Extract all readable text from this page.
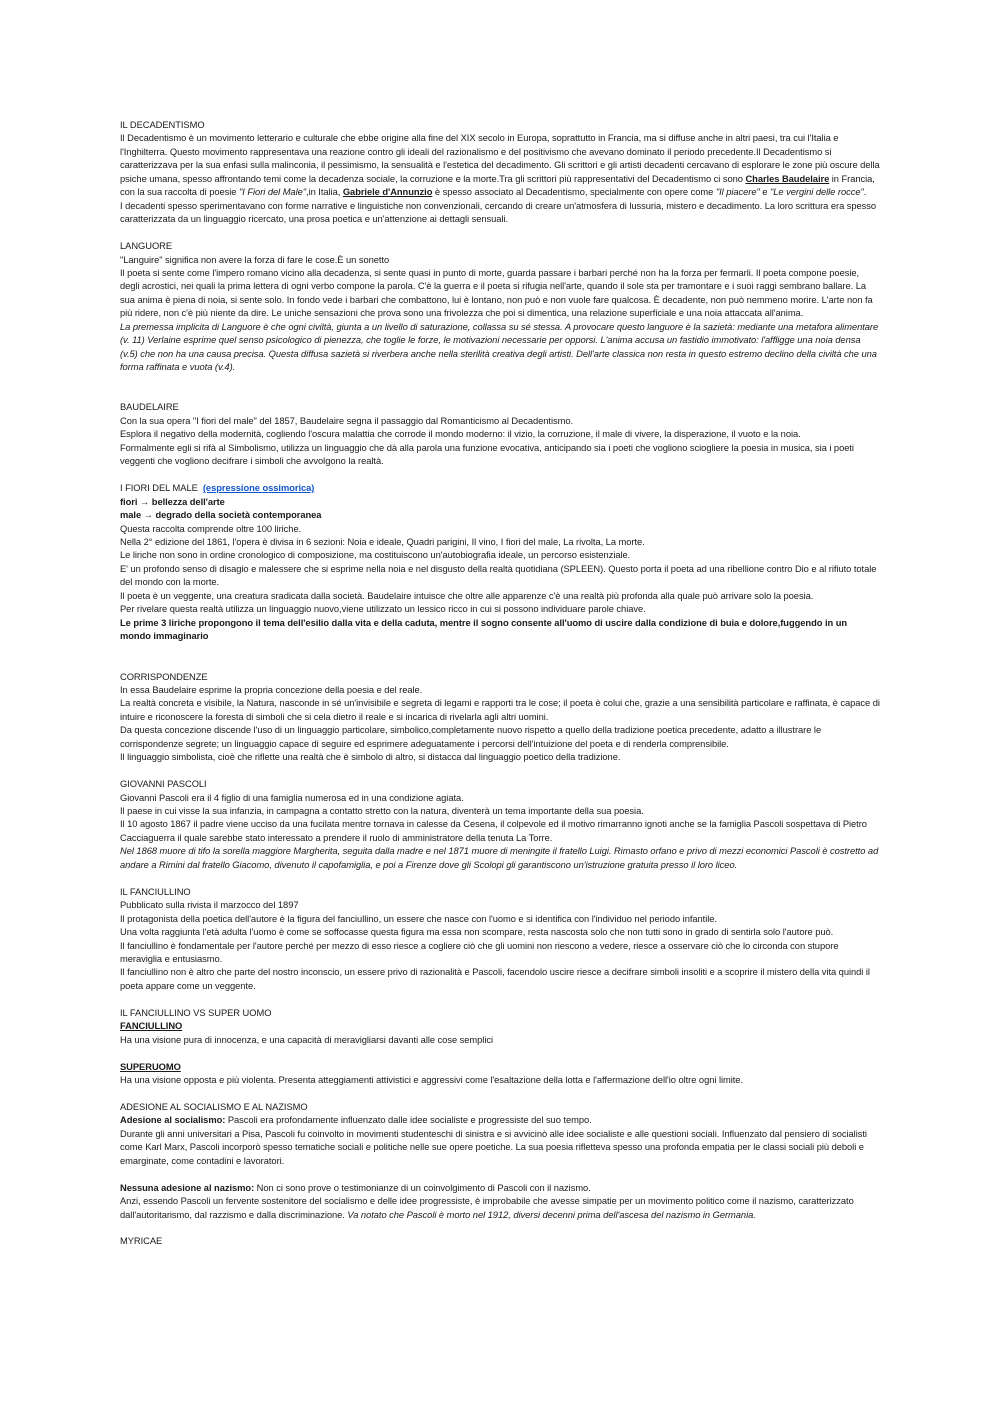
IL DECADENTISMO

Il Decadentismo è un movimento letterario e culturale che ebbe origine alla fine del XIX secolo in Europa, soprattutto in Francia, ma si diffuse anche in altri paesi, tra cui l'Italia e l'Inghilterra. Questo movimento rappresentava una reazione contro gli ideali del razionalismo e del positivismo che avevano dominato il periodo precedente.Il Decadentismo si caratterizzava per la sua enfasi sulla malinconia, il pessimismo, la sensualità e l'estetica del decadimento. Gli scrittori e gli artisti decadenti cercavano di esplorare le zone più oscure della psiche umana, spesso affrontando temi come la decadenza sociale, la corruzione e la morte.Tra gli scrittori più rappresentativi del Decadentismo ci sono Charles Baudelaire in Francia, con la sua raccolta di poesie "I Fiori del Male",in Italia, Gabriele d'Annunzio è spesso associato al Decadentismo, specialmente con opere come "Il piacere" e "Le vergini delle rocce".

I decadenti spesso sperimentavano con forme narrative e linguistiche non convenzionali, cercando di creare un'atmosfera di lussuria, mistero e decadimento. La loro scrittura era spesso caratterizzata da un linguaggio ricercato, una prosa poetica e un'attenzione ai dettagli sensuali.

LANGUORE

"Languire" significa non avere la forza di fare le cose.È un sonetto

Il poeta si sente come l'impero romano vicino alla decadenza, si sente quasi in punto di morte, guarda passare i barbari perché non ha la forza per fermarli. Il poeta compone poesie, degli acrostici, nei quali la prima lettera di ogni verbo compone la parola. C'è la guerra e il poeta si rifugia nell'arte, quando il sole sta per tramontare e i suoi raggi sembrano ballare. La sua anima è piena di noia, si sente solo. In fondo vede i barbari che combattono, lui è lontano, non può e non vuole fare qualcosa. È decadente, non può nemmeno morire. L'arte non fa più ridere, non c'è più niente da dire. Le uniche sensazioni che prova sono una frivolezza che poi si dimentica, una relazione superficiale e una noia attaccata all'anima.

La premessa implicita di Languore è che ogni civiltà, giunta a un livello di saturazione, collassa su sé stessa. A provocare questo languore è la sazietà: mediante una metafora alimentare (v. 11) Verlaine esprime quel senso psicologico di pienezza, che toglie le forze, le motivazioni necessarie per opporsi. L'anima accusa un fastidio immotivato: l'affligge una noia densa (v.5) che non ha una causa precisa. Questa diffusa sazietà si riverbera anche nella sterilità creativa degli artisti. Dell'arte classica non resta in questo estremo declino della civiltà che una forma raffinata e vuota (v.4).

BAUDELAIRE

Con la sua opera "I fiori del male" del 1857, Baudelaire segna il passaggio dal Romanticismo al Decadentismo.

Esplora il negativo della modernità, cogliendo l'oscura malattia che corrode il mondo moderno: il vizio, la corruzione, il male di vivere, la disperazione, il vuoto e la noia.

Formalmente egli si rifà al Simbolismo, utilizza un linguaggio che dà alla parola una funzione evocativa, anticipando sia i poeti che vogliono sciogliere la poesia in musica, sia i poeti veggenti che vogliono decifrare i simboli che avvolgono la realtà.

I FIORI DEL MALE (espressione ossimorica)

fiori → bellezza dell'arte

male → degrado della società contemporanea

Questa raccolta comprende oltre 100 liriche.

Nella 2° edizione del 1861, l'opera è divisa in 6 sezioni: Noia e ideale, Quadri parigini, Il vino, I fiori del male, La rivolta, La morte.

Le liriche non sono in ordine cronologico di composizione, ma costituiscono un'autobiografia ideale, un percorso esistenziale.

E' un profondo senso di disagio e malessere che si esprime nella noia e nel disgusto della realtà quotidiana (SPLEEN). Questo porta il poeta ad una ribellione contro Dio e al rifiuto totale del mondo con la morte.

Il poeta è un veggente, una creatura sradicata dalla società. Baudelaire intuisce che oltre alle apparenze c'è una realtà più profonda alla quale può arrivare solo la poesia.

Per rivelare questa realtà utilizza un linguaggio nuovo,viene utilizzato un lessico ricco in cui si possono individuare parole chiave.

Le prime 3 liriche propongono il tema dell'esilio dalla vita e della caduta, mentre il sogno consente all'uomo di uscire dalla condizione di buia e dolore,fuggendo in un mondo immaginario

CORRISPONDENZE

In essa Baudelaire esprime la propria concezione della poesia e del reale.

La realtà concreta e visibile, la Natura, nasconde in sé un'invisibile e segreta di legami e rapporti tra le cose; il poeta è colui che, grazie a una sensibilità particolare e raffinata, è capace di intuire e riconoscere la foresta di simboli che si cela dietro il reale e si incarica di rivelarla agli altri uomini.

Da questa concezione discende l'uso di un linguaggio particolare, simbolico,completamente nuovo rispetto a quello della tradizione poetica precedente, adatto a illustrare le corrispondenze segrete; un linguaggio capace di seguire ed esprimere adeguatamente i percorsi dell'intuizione del poeta e di renderla comprensibile.

Il linguaggio simbolista, cioè che riflette una realtà che è simbolo di altro, si distacca dal linguaggio poetico della tradizione.

GIOVANNI PASCOLI

Giovanni Pascoli era il 4 figlio di una famiglia numerosa ed in una condizione agiata.

Il paese in cui visse la sua infanzia, in campagna a contatto stretto con la natura, diventerà un tema importante della sua poesia.

Il 10 agosto 1867 il padre viene ucciso da una fucilata mentre tornava in calesse da Cesena, il colpevole ed il motivo rimarranno ignoti anche se la famiglia Pascoli sospettava di Pietro Cacciaguerra il quale sarebbe stato interessato a prendere il ruolo di amministratore della tenuta La Torre.

Nel 1868 muore di tifo la sorella maggiore Margherita, seguita dalla madre e nel 1871 muore di meningite il fratello Luigi. Rimasto orfano e privo di mezzi economici Pascoli è costretto ad andare a Rimini dal fratello Giacomo, divenuto il capofamiglia, e poi a Firenze dove gli Scolopi gli garantiscono un'istruzione gratuita presso il loro liceo.

IL FANCIULLINO

Pubblicato sulla rivista il marzocco del 1897

Il protagonista della poetica dell'autore è la figura del fanciullino, un essere che nasce con l'uomo e si identifica con l'individuo nel periodo infantile.

Una volta raggiunta l'età adulta l'uomo è come se soffocasse questa figura ma essa non scompare, resta nascosta solo che non tutti sono in grado di sentirla solo l'autore può.

Il fanciullino è fondamentale per l'autore perché per mezzo di esso riesce a cogliere ciò che gli uomini non riescono a vedere, riesce a osservare ciò che lo circonda con stupore meraviglia e entusiasmo.

Il fanciullino non è altro che parte del nostro inconscio, un essere privo di razionalità e Pascoli, facendolo uscire riesce a decifrare simboli insoliti e a scoprire il mistero della vita quindi il poeta appare come un veggente.

IL FANCIULLINO VS SUPER UOMO

FANCIULLINO

Ha una visione pura di innocenza, e una capacità di meravigliarsi davanti alle cose semplici

SUPERUOMO

Ha una visione opposta e più violenta. Presenta atteggiamenti attivistici e aggressivi come l'esaltazione della lotta e l'affermazione dell'io oltre ogni limite.

ADESIONE AL SOCIALISMO E AL NAZISMO

Adesione al socialismo: Pascoli era profondamente influenzato dalle idee socialiste e progressiste del suo tempo.

Durante gli anni universitari a Pisa, Pascoli fu coinvolto in movimenti studenteschi di sinistra e si avvicinò alle idee socialiste e alle questioni sociali. Influenzato dal pensiero di socialisti come Karl Marx, Pascoli incorporò spesso tematiche sociali e politiche nelle sue opere poetiche. La sua poesia rifletteva spesso una profonda empatia per le classi sociali più deboli e emarginate, come contadini e lavoratori.

Nessuna adesione al nazismo: Non ci sono prove o testimonianze di un coinvolgimento di Pascoli con il nazismo.

Anzi, essendo Pascoli un fervente sostenitore del socialismo e delle idee progressiste, è improbabile che avesse simpatie per un movimento politico come il nazismo, caratterizzato dall'autoritarismo, dal razzismo e dalla discriminazione. Va notato che Pascoli è morto nel 1912, diversi decenni prima dell'ascesa del nazismo in Germania.

MYRICAE
